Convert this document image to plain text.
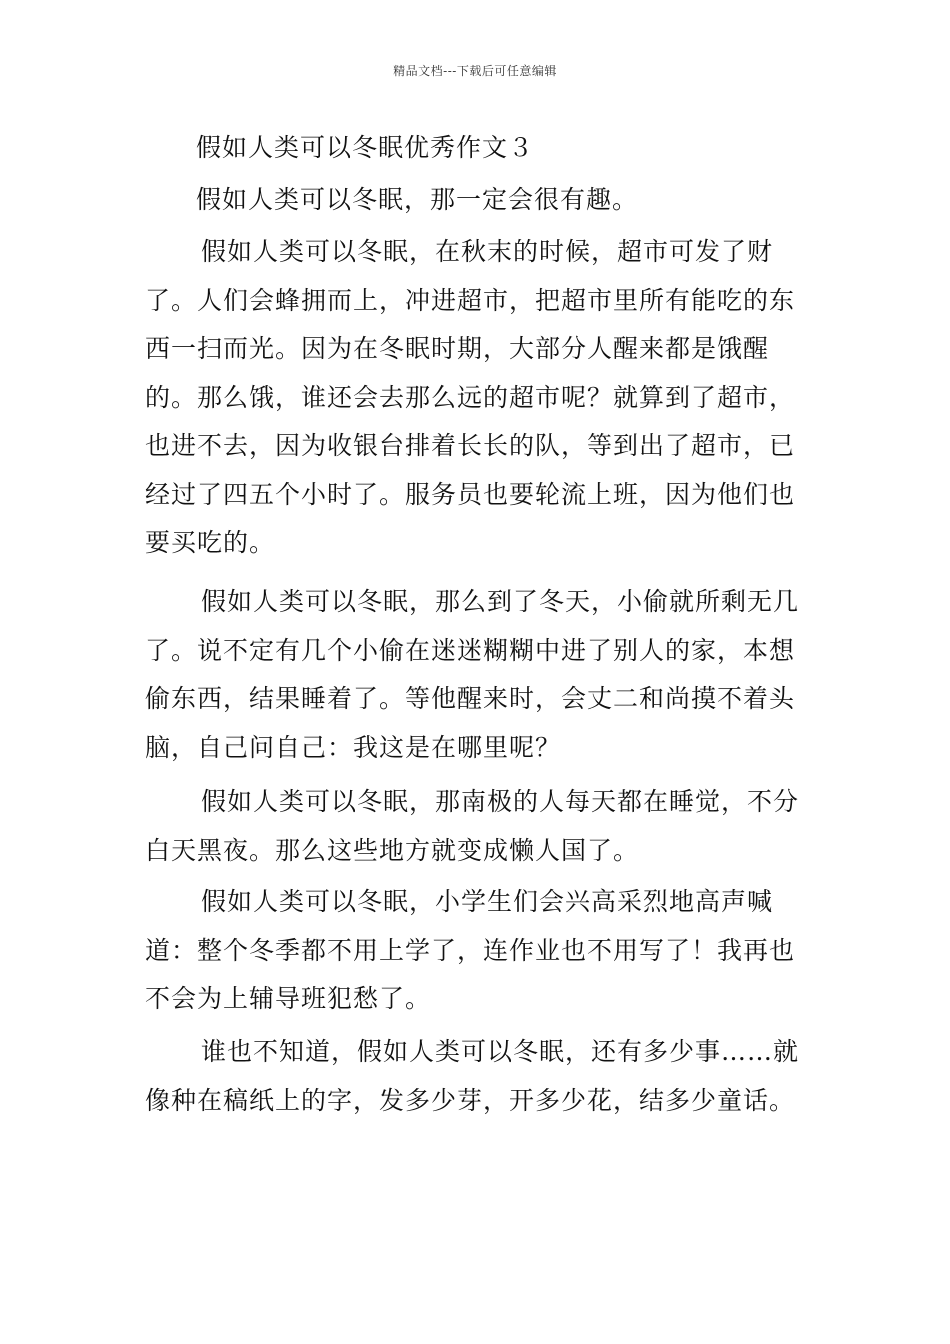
精品文档---下载后可任意编辑
假如人类可以冬眠优秀作文３
假如人类可以冬眠，那一定会很有趣。

假如人类可以冬眠，在秋末的时候，超市可发了财了。人们会蜂拥而上，冲进超市，把超市里所有能吃的东西一扫而光。因为在冬眠时期，大部分人醒来都是饿醒的。那么饿，谁还会去那么远的超市呢？就算到了超市，也进不去，因为收银台排着长长的队，等到出了超市，已经过了四五个小时了。服务员也要轮流上班，因为他们也要买吃的。

假如人类可以冬眠，那么到了冬天，小偷就所剩无几了。说不定有几个小偷在迷迷糊糊中进了别人的家，本想偷东西，结果睡着了。等他醒来时，会丈二和尚摸不着头脑，自己问自己：我这是在哪里呢？

假如人类可以冬眠，那南极的人每天都在睡觉，不分白天黑夜。那么这些地方就变成懒人国了。

假如人类可以冬眠，小学生们会兴高采烈地高声喊道：整个冬季都不用上学了，连作业也不用写了！我再也不会为上辅导班犯愁了。

谁也不知道，假如人类可以冬眠，还有多少事……就像种在稿纸上的字，发多少芽，开多少花，结多少童话。
